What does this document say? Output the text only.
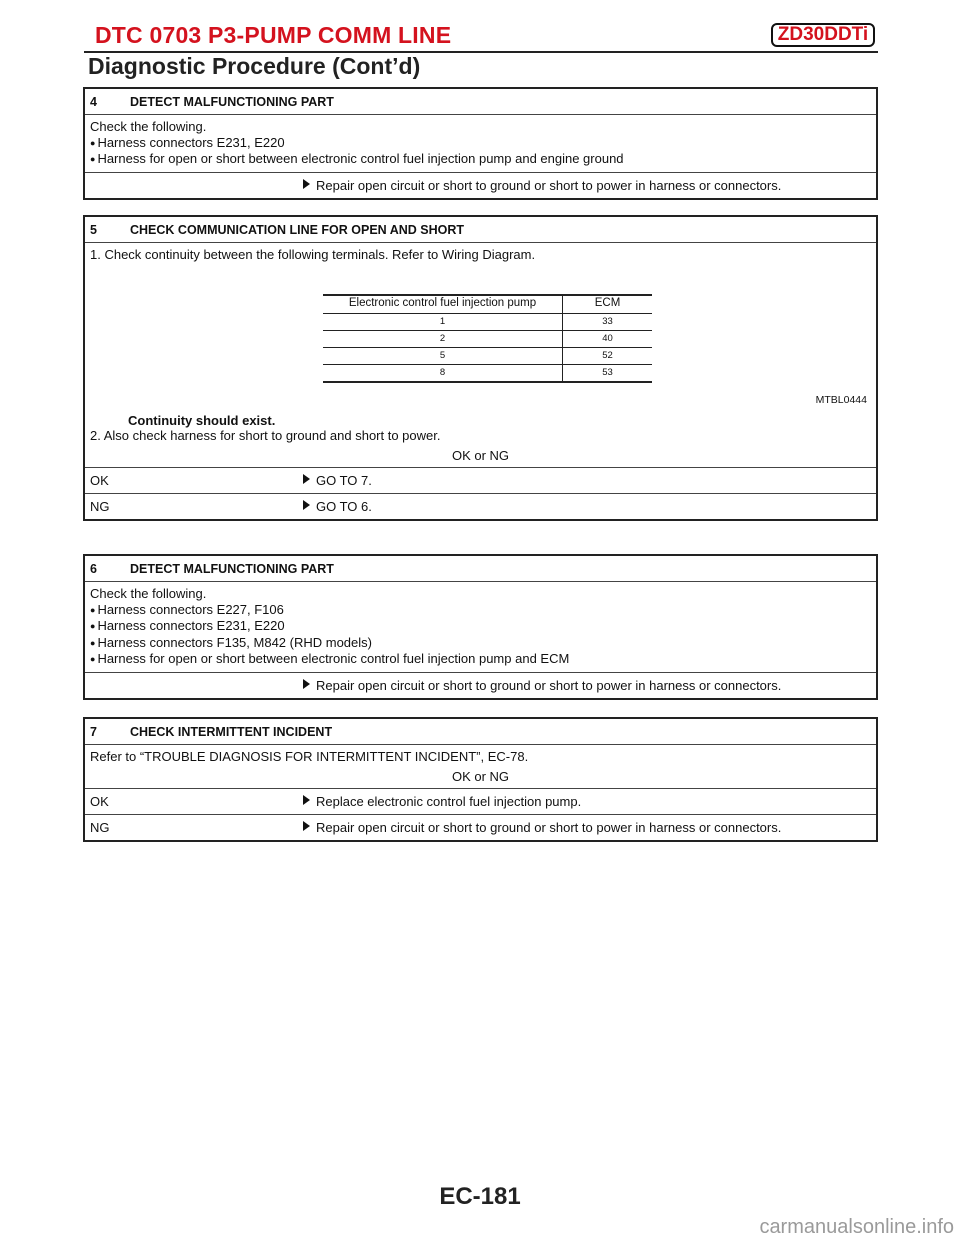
DTC 0703 P3-PUMP COMM LINE	ZD30DDTi
Diagnostic Procedure (Cont’d)
4	DETECT MALFUNCTIONING PART
Check the following.
● Harness connectors E231, E220
● Harness for open or short between electronic control fuel injection pump and engine ground
Repair open circuit or short to ground or short to power in harness or connectors.
5	CHECK COMMUNICATION LINE FOR OPEN AND SHORT
1. Check continuity between the following terminals. Refer to Wiring Diagram.
Electronic control fuel injection pump	ECM
1	33
2	40
5	52
8	53
MTBL0444
Continuity should exist.
2. Also check harness for short to ground and short to power.
OK or NG
OK	GO TO 7.
NG	GO TO 6.
6	DETECT MALFUNCTIONING PART
Check the following.
● Harness connectors E227, F106
● Harness connectors E231, E220
● Harness connectors F135, M842 (RHD models)
● Harness for open or short between electronic control fuel injection pump and ECM
Repair open circuit or short to ground or short to power in harness or connectors.
7	CHECK INTERMITTENT INCIDENT
Refer to “TROUBLE DIAGNOSIS FOR INTERMITTENT INCIDENT”, EC-78.
OK or NG
OK	Replace electronic control fuel injection pump.
NG	Repair open circuit or short to ground or short to power in harness or connectors.
EC-181
carmanualsonline.info
